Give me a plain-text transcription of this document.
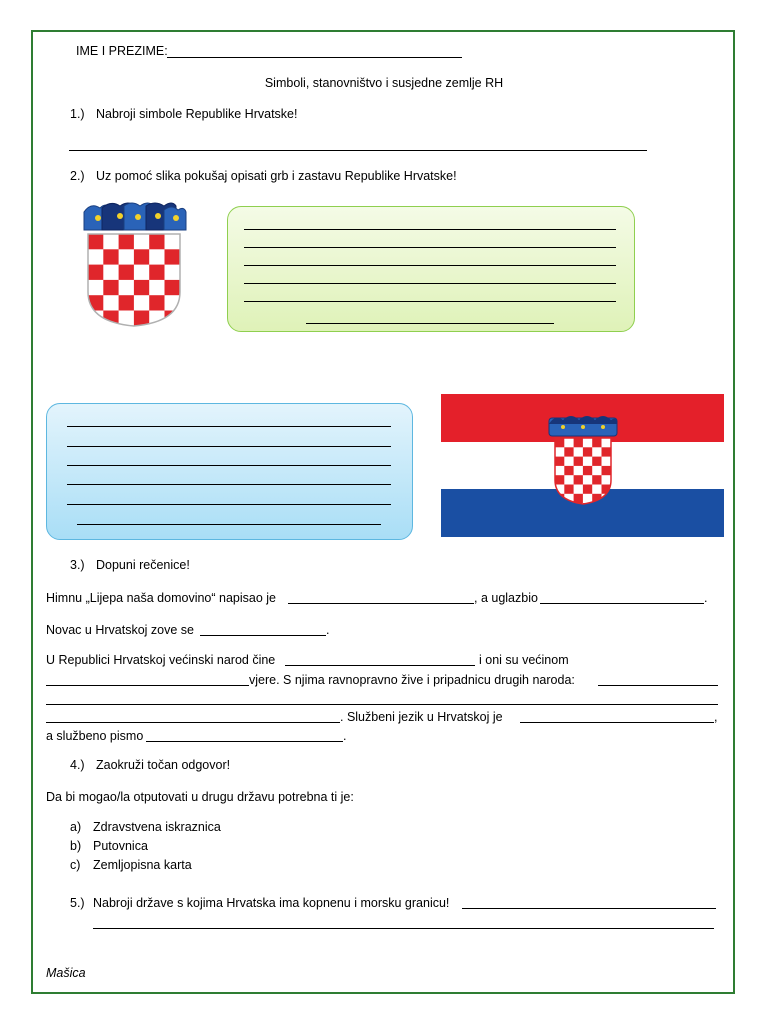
IME I PREZIME:
Simboli, stanovništvo i susjedne zemlje RH
1.) Nabroji simbole Republike Hrvatske!
2.) Uz pomoć slika pokušaj opisati grb i zastavu Republike Hrvatske!
3.) Dopuni rečenice!
Himnu „Lijepa naša domovino“ napisao je	, a uglazbio	.
Novac u Hrvatskoj zove se	.
U Republici Hrvatskoj većinski narod čine	i oni su većinom
vjere. S njima ravnopravno žive i pripadnicu drugih naroda:
. Službeni jezik u Hrvatskoj je	,
a službeno pismo	.
4.) Zaokruži točan odgovor!
Da bi mogao/la otputovati u drugu državu potrebna ti je:
a) Zdravstvena iskraznica
b) Putovnica
c) Zemljopisna karta
5.) Nabroji države s kojima Hrvatska ima kopnenu i morsku granicu!
Mašica
